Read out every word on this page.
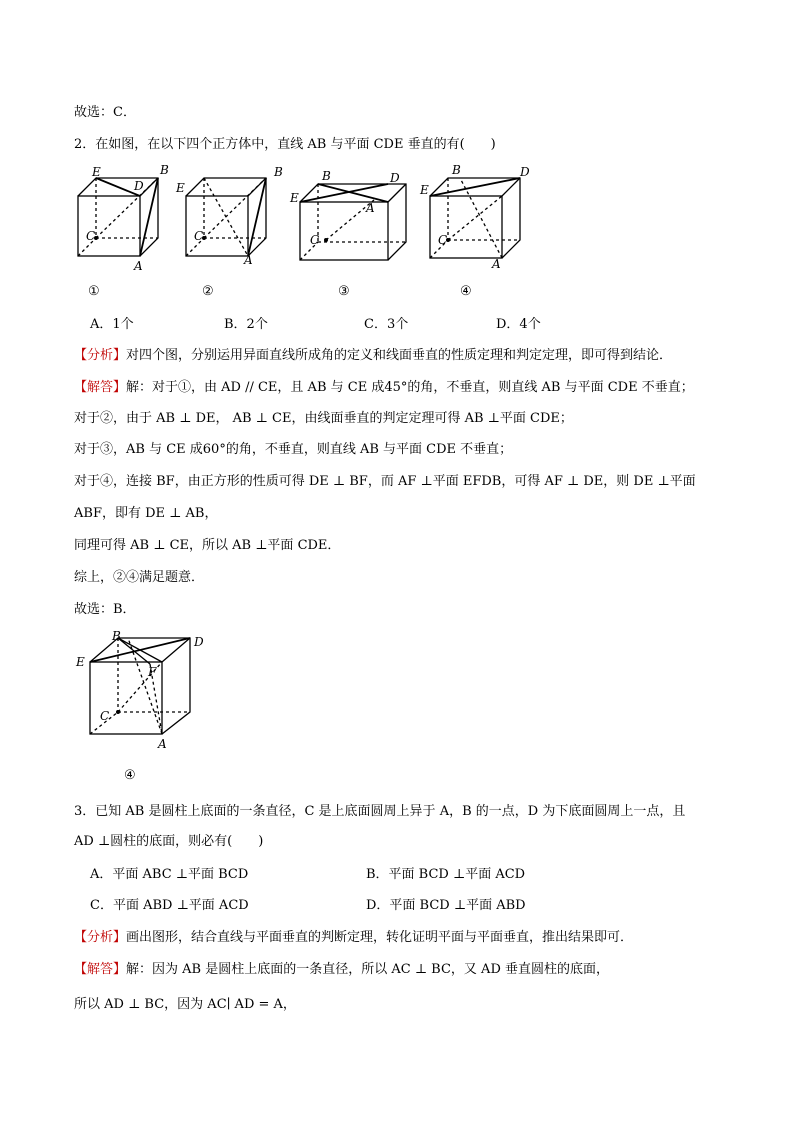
故选：C．
2．在如图，在以下四个正方体中，直线 AB 与平面 CDE 垂直的有(　　)
E	B
D
C
A
E
B
C
A
E
B	D
A
C
E
B	D
C
A
①	②	③	④
A．1个	B．2个	C．3个	D．4个
【分析】对四个图，分别运用异面直线所成角的定义和线面垂直的性质定理和判定定理，即可得到结论．
【解答】解：对于①，由 AD // CE，且 AB 与 CE 成45°的角，不垂直，则直线 AB 与平面 CDE 不垂直；
对于②，由于 AB ⊥ DE， AB ⊥ CE，由线面垂直的判定定理可得 AB ⊥平面 CDE；
对于③，AB 与 CE 成60°的角，不垂直，则直线 AB 与平面 CDE 不垂直；
对于④，连接 BF，由正方形的性质可得 DE ⊥ BF，而 AF ⊥平面 EFDB，可得 AF ⊥ DE，则 DE ⊥平面
ABF，即有 DE ⊥ AB，
同理可得 AB ⊥ CE，所以 AB ⊥平面 CDE．
综上，②④满足题意．
故选：B．
B	D
E
F
C
A
④
3．已知 AB 是圆柱上底面的一条直径，C 是上底面圆周上异于 A，B 的一点，D 为下底面圆周上一点，且
AD ⊥圆柱的底面，则必有(　　)
A．平面 ABC ⊥平面 BCD	B．平面 BCD ⊥平面 ACD
C．平面 ABD ⊥平面 ACD	D．平面 BCD ⊥平面 ABD
【分析】画出图形，结合直线与平面垂直的判断定理，转化证明平面与平面垂直，推出结果即可．
【解答】解：因为 AB 是圆柱上底面的一条直径，所以 AC ⊥ BC，又 AD 垂直圆柱的底面，
所以 AD ⊥ BC，因为 AC∣ AD = A，
